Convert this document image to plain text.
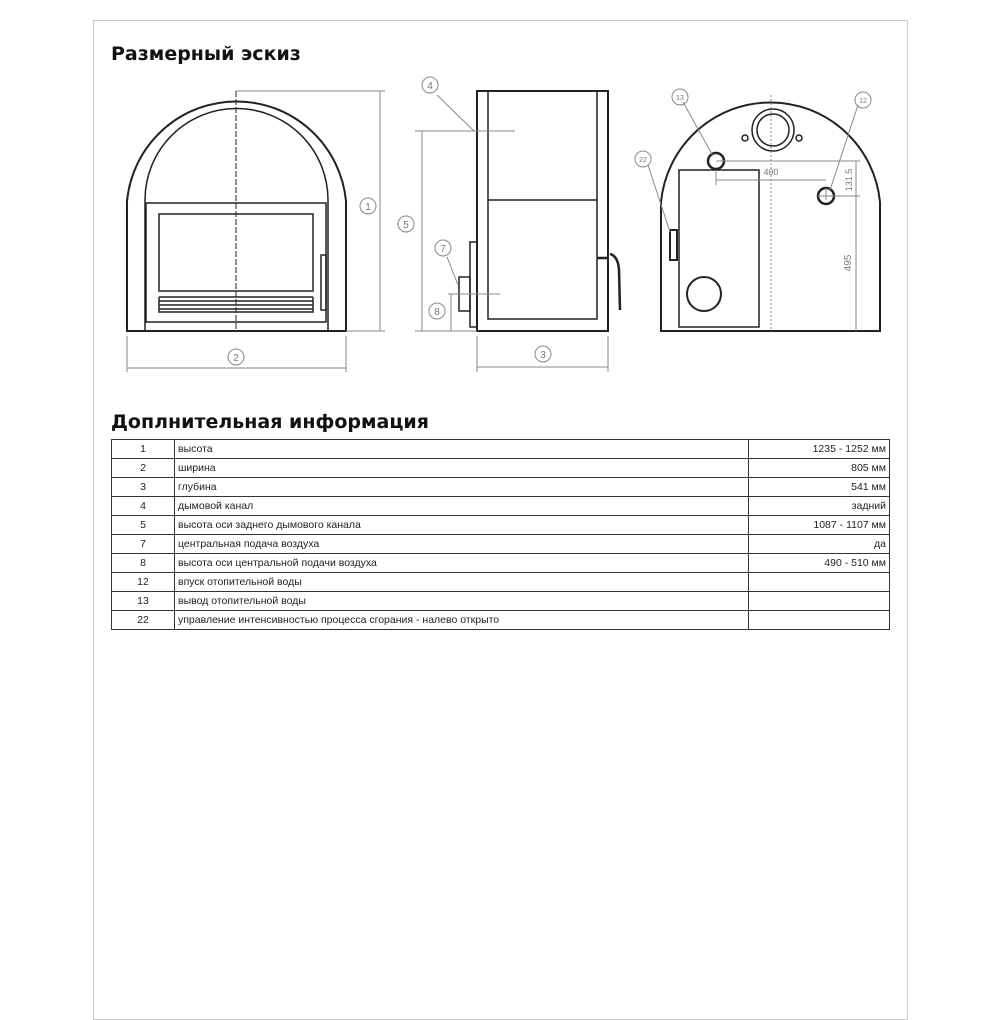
Размерный эскиз
Доплнительная информация
1	высота	1235 - 1252 мм
2	ширина	805 мм
3	глубина	541 мм
4	дымовой канал	задний
5	высота оси заднего дымового канала	1087 - 1107 мм
7	центральная подача воздуха	да
8	высота оси центральной подачи воздуха	490 - 510 мм
12	впуск отопительной воды	
13	вывод отопительной воды	
22	управление интенсивностью процесса сгорания - налево открыто	
1
2	3
4
5
7
8
12
13
22
400	131.5
495
